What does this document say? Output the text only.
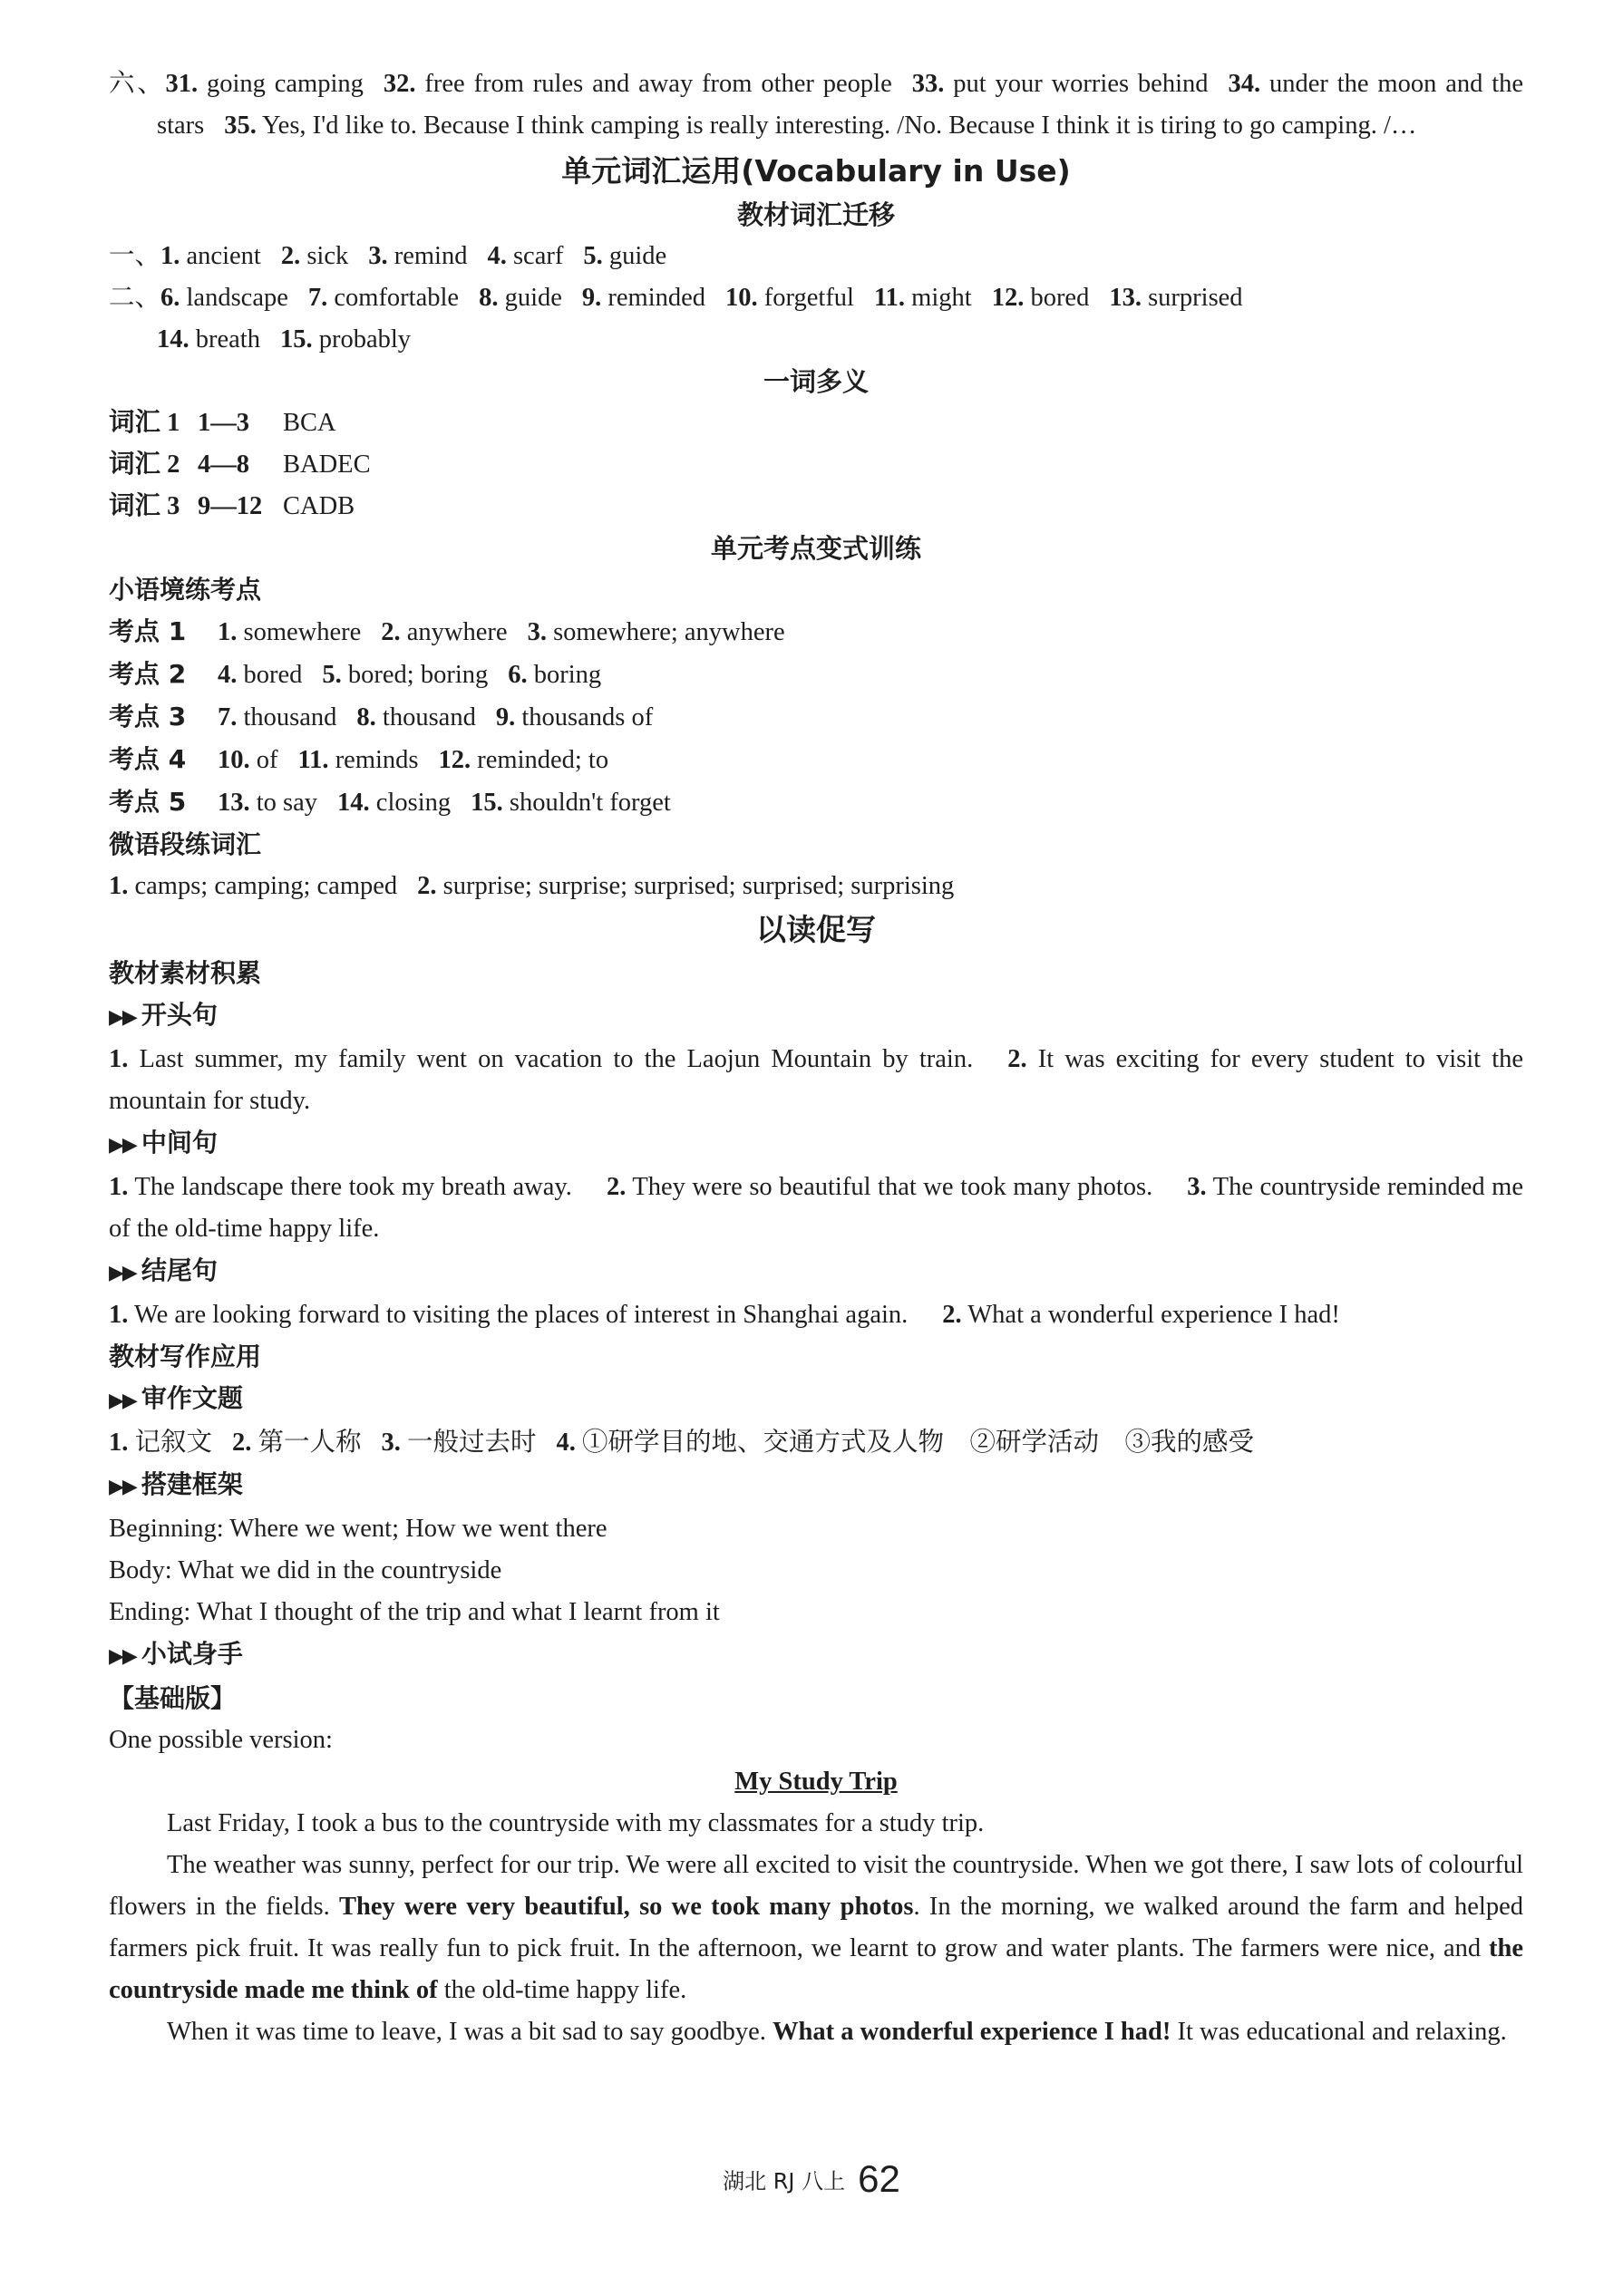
六、31. going camping 32. free from rules and away from other people 33. put your worries behind 34. under the moon and the stars 35. Yes, I'd like to. Because I think camping is really interesting. /No. Because I think it is tiring to go camping. /…
单元词汇运用(Vocabulary in Use)
教材词汇迁移
一、1. ancient 2. sick 3. remind 4. scarf 5. guide
二、6. landscape 7. comfortable 8. guide 9. reminded 10. forgetful 11. might 12. bored 13. surprised
14. breath 15. probably
一词多义
词汇 1 1—3 BCA
词汇 2 4—8 BADEC
词汇 3 9—12 CADB
单元考点变式训练
小语境练考点
考点 1 1. somewhere 2. anywhere 3. somewhere; anywhere
考点 2 4. bored 5. bored; boring 6. boring
考点 3 7. thousand 8. thousand 9. thousands of
考点 4 10. of 11. reminds 12. reminded; to
考点 5 13. to say 14. closing 15. shouldn't forget
微语段练词汇
1. camps; camping; camped 2. surprise; surprise; surprised; surprised; surprising
以读促写
教材素材积累
▶▶ 开头句
1. Last summer, my family went on vacation to the Laojun Mountain by train. 2. It was exciting for every student to visit the mountain for study.
▶▶ 中间句
1. The landscape there took my breath away. 2. They were so beautiful that we took many photos. 3. The countryside reminded me of the old-time happy life.
▶▶ 结尾句
1. We are looking forward to visiting the places of interest in Shanghai again. 2. What a wonderful experience I had!
教材写作应用
▶▶ 审作文题
1. 记叙文 2. 第一人称 3. 一般过去时 4. ①研学目的地、交通方式及人物　②研学活动　③我的感受
▶▶ 搭建框架
Beginning: Where we went; How we went there
Body: What we did in the countryside
Ending: What I thought of the trip and what I learnt from it
▶▶ 小试身手
【基础版】
One possible version:
My Study Trip
Last Friday, I took a bus to the countryside with my classmates for a study trip.
The weather was sunny, perfect for our trip. We were all excited to visit the countryside. When we got there, I saw lots of colourful flowers in the fields. They were very beautiful, so we took many photos. In the morning, we walked around the farm and helped farmers pick fruit. It was really fun to pick fruit. In the afternoon, we learnt to grow and water plants. The farmers were nice, and the countryside made me think of the old-time happy life.
When it was time to leave, I was a bit sad to say goodbye. What a wonderful experience I had! It was educational and relaxing.
湖北 RJ 八上 62
